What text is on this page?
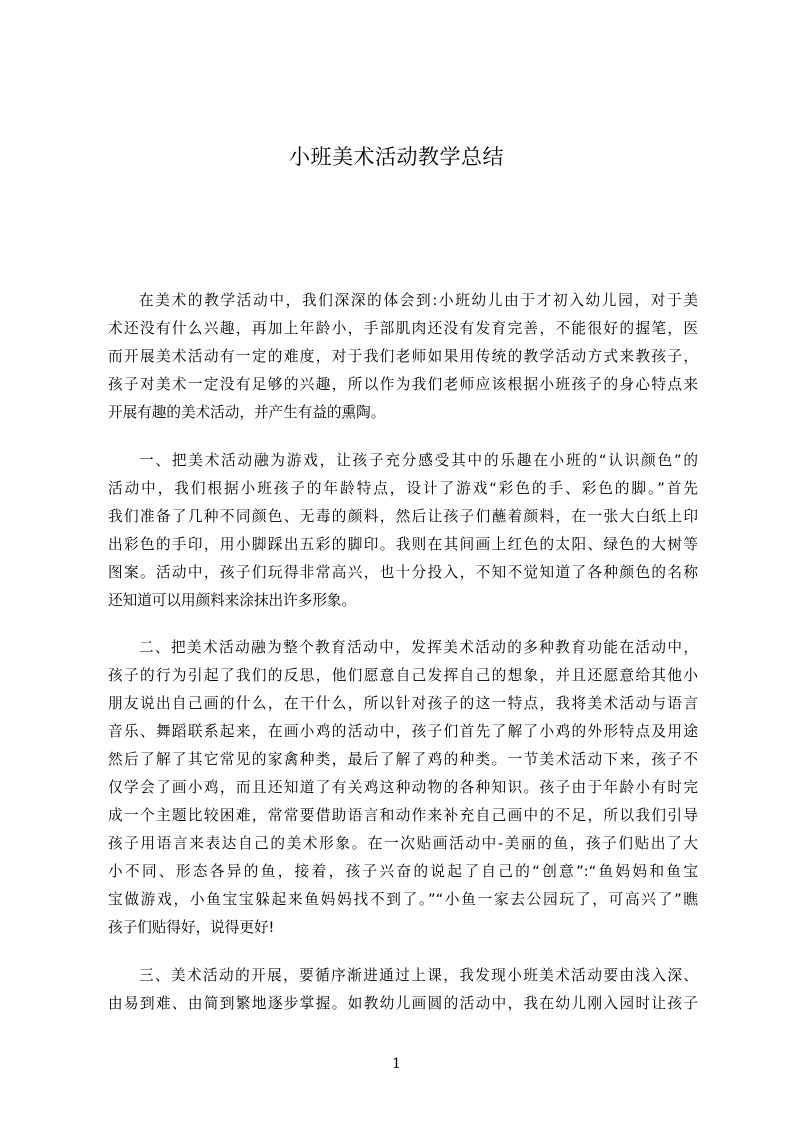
小班美术活动教学总结
在美术的教学活动中，我们深深的体会到:小班幼儿由于才初入幼儿园，对于美
术还没有什么兴趣，再加上年龄小，手部肌肉还没有发育完善，不能很好的握笔，医
而开展美术活动有一定的难度，对于我们老师如果用传统的教学活动方式来教孩子，
孩子对美术一定没有足够的兴趣，所以作为我们老师应该根据小班孩子的身心特点来
开展有趣的美术活动，并产生有益的熏陶。
一、把美术活动融为游戏，让孩子充分感受其中的乐趣在小班的“认识颜色”的
活动中，我们根据小班孩子的年龄特点，设计了游戏“彩色的手、彩色的脚。”首先
我们准备了几种不同颜色、无毒的颜料，然后让孩子们蘸着颜料，在一张大白纸上印
出彩色的手印，用小脚踩出五彩的脚印。我则在其间画上红色的太阳、绿色的大树等
图案。活动中，孩子们玩得非常高兴，也十分投入，不知不觉知道了各种颜色的名称
还知道可以用颜料来涂抹出许多形象。
二、把美术活动融为整个教育活动中，发挥美术活动的多种教育功能在活动中，
孩子的行为引起了我们的反思，他们愿意自己发挥自己的想象，并且还愿意给其他小
朋友说出自己画的什么，在干什么，所以针对孩子的这一特点，我将美术活动与语言
音乐、舞蹈联系起来，在画小鸡的活动中，孩子们首先了解了小鸡的外形特点及用途
然后了解了其它常见的家禽种类，最后了解了鸡的种类。一节美术活动下来，孩子不
仅学会了画小鸡，而且还知道了有关鸡这种动物的各种知识。孩子由于年龄小有时完
成一个主题比较困难，常常要借助语言和动作来补充自己画中的不足，所以我们引导
孩子用语言来表达自己的美术形象。在一次贴画活动中-美丽的鱼，孩子们贴出了大
小不同、形态各异的鱼，接着，孩子兴奋的说起了自己的“创意”:“鱼妈妈和鱼宝
宝做游戏，小鱼宝宝躲起来鱼妈妈找不到了。”“小鱼一家去公园玩了，可高兴了”瞧
孩子们贴得好，说得更好!
三、美术活动的开展，要循序渐进通过上课，我发现小班美术活动要由浅入深、
由易到难、由简到繁地逐步掌握。如教幼儿画圆的活动中，我在幼儿刚入园时让孩子
1
